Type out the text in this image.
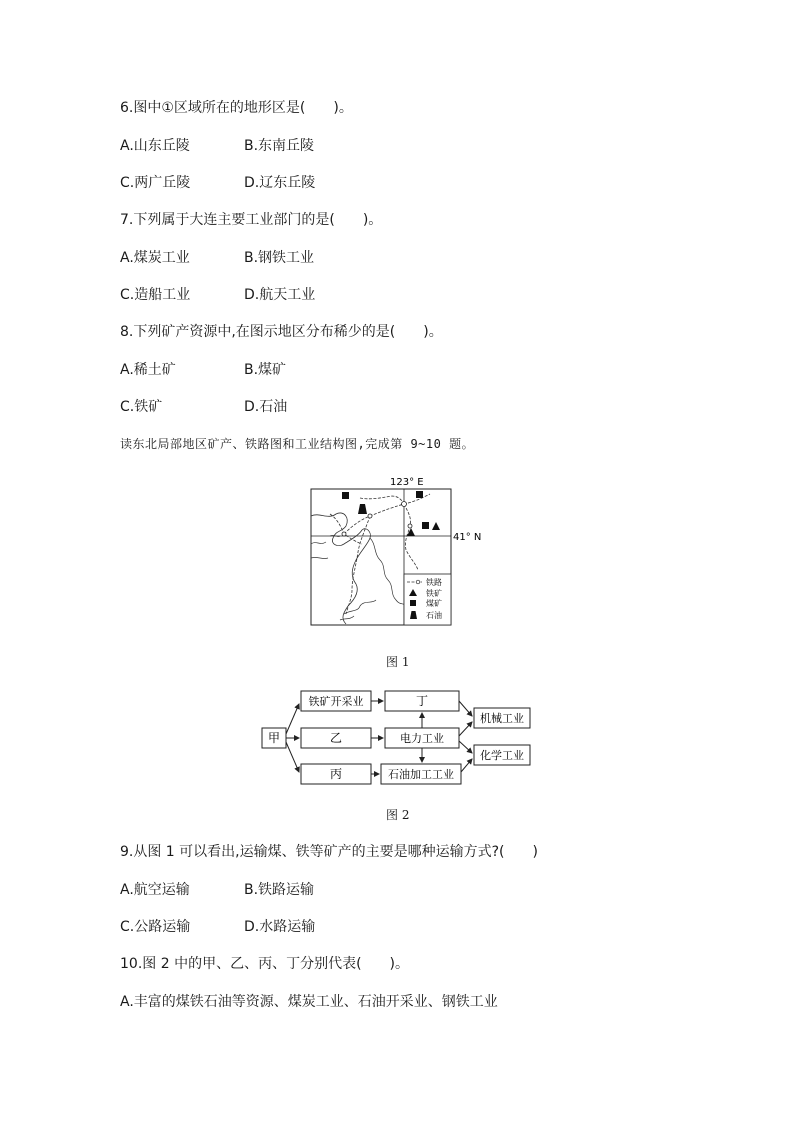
6.图中①区域所在的地形区是(　　)。
A.山东丘陵	B.东南丘陵
C.两广丘陵	D.辽东丘陵
7.下列属于大连主要工业部门的是(　　)。
A.煤炭工业	B.钢铁工业
C.造船工业	D.航天工业
8.下列矿产资源中,在图示地区分布稀少的是(　　)。
A.稀土矿	B.煤矿
C.铁矿	D.石油
读东北局部地区矿产、铁路图和工业结构图,完成第 9~10 题。
123° E
41° N
铁路
铁矿
煤矿
石油
图 1
甲
铁矿开采业
乙
丙
丁
电力工业
石油加工工业
机械工业
化学工业
图 2
9.从图 1 可以看出,运输煤、铁等矿产的主要是哪种运输方式?(　　)
A.航空运输	B.铁路运输
C.公路运输	D.水路运输
10.图 2 中的甲、乙、丙、丁分别代表(　　)。
A.丰富的煤铁石油等资源、煤炭工业、石油开采业、钢铁工业
